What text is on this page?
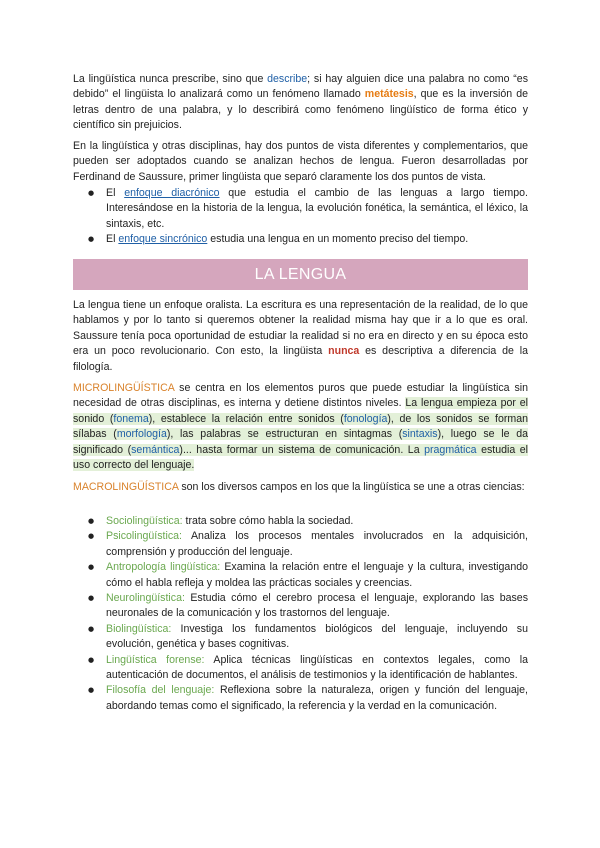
La lingüística nunca prescribe, sino que describe; si hay alguien dice una palabra no como “es debido” el lingüista lo analizará como un fenómeno llamado metátesis, que es la inversión de letras dentro de una palabra, y lo describirá como fenómeno lingüístico de forma ético y científico sin prejuicios.

En la lingüística y otras disciplinas, hay dos puntos de vista diferentes y complementarios, que pueden ser adoptados cuando se analizan hechos de lengua. Fueron desarrolladas por Ferdinand de Saussure, primer lingüista que separó claramente los dos puntos de vista.

● El enfoque diacrónico que estudia el cambio de las lenguas a largo tiempo. Interesándose en la historia de la lengua, la evolución fonética, la semántica, el léxico, la sintaxis, etc.
● El enfoque sincrónico estudia una lengua en un momento preciso del tiempo.
LA LENGUA

La lengua tiene un enfoque oralista. La escritura es una representación de la realidad, de lo que hablamos y por lo tanto si queremos obtener la realidad misma hay que ir a lo que es oral. Saussure tenía poca oportunidad de estudiar la realidad si no era en directo y en su época esto era un poco revolucionario. Con esto, la lingüista nunca es descriptiva a diferencia de la filología.

MICROLINGÜÍSTICA se centra en los elementos puros que puede estudiar la lingüística sin necesidad de otras disciplinas, es interna y detiene distintos niveles. La lengua empieza por el sonido (fonema), establece la relación entre sonidos (fonología), de los sonidos se forman sílabas (morfología), las palabras se estructuran en sintagmas (sintaxis), luego se le da significado (semántica)... hasta formar un sistema de comunicación. La pragmática estudia el uso correcto del lenguaje.

MACROLINGÜÍSTICA son los diversos campos en los que la lingüística se une a otras ciencias:

● Sociolingüística: trata sobre cómo habla la sociedad.
● Psicolingüística: Analiza los procesos mentales involucrados en la adquisición, comprensión y producción del lenguaje.
● Antropología lingüística: Examina la relación entre el lenguaje y la cultura, investigando cómo el habla refleja y moldea las prácticas sociales y creencias.
● Neurolingüística: Estudia cómo el cerebro procesa el lenguaje, explorando las bases neuronales de la comunicación y los trastornos del lenguaje.
● Biolingüística: Investiga los fundamentos biológicos del lenguaje, incluyendo su evolución, genética y bases cognitivas.
● Lingüística forense: Aplica técnicas lingüísticas en contextos legales, como la autenticación de documentos, el análisis de testimonios y la identificación de hablantes.
● Filosofía del lenguaje: Reflexiona sobre la naturaleza, origen y función del lenguaje, abordando temas como el significado, la referencia y la verdad en la comunicación.
